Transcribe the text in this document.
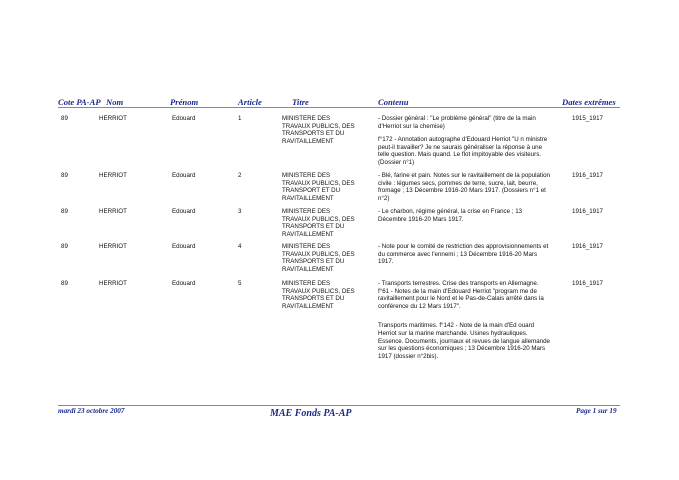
Cote PA-AP Nom	Prénom	Article	Titre	Contenu	Dates extrêmes
89	HERRIOT	Edouard	1	MINISTERE DES
TRAVAUX PUBLICS, DES
TRANSPORTS ET DU
RAVITAILLEMENT

- Dossier général : "Le problème général" (titre de la main d'Herriot sur la chemise)

f°172 - Annotation autographe d'Edouard Herriot "U n ministre peut-il travailler? Je ne saurais généraliser la réponse à une telle question. Mais quand. Le flot impitoyable des visiteurs. (Dossier n°1)

1915_1917
89	HERRIOT	Edouard	2	MINISTERE DES
TRAVAUX PUBLICS, DES
TRANSPORT ET DU
RAVITAILLEMENT

- Blé, farine et pain. Notes sur le ravitaillement de la population civile : légumes secs, pommes de terre, sucre, lait, beurre, fromage ; 13 Décembre 1916-20 Mars 1917. (Dossiers n°1 et n°2)

1916_1917
89	HERRIOT	Edouard	3	MINISTERE DES
TRAVAUX PUBLICS, DES
TRANSPORTS ET DU
RAVITAILLEMENT

- Le charbon, régime général, la crise en France ; 13 Décembre 1916-20 Mars 1917.

1916_1917
89	HERRIOT	Edouard	4	MINISTERE DES
TRAVAUX PUBLICS, DES
TRANSPORTS ET DU
RAVITAILLEMENT

- Note pour le comité de restriction des approvisionnements et du commerce avec l'ennemi ; 13 Décembre 1916-20 Mars 1917.

1916_1917
89	HERRIOT	Edouard	5	MINISTERE DES
TRAVAUX PUBLICS, DES
TRANSPORTS ET DU
RAVITAILLEMENT

- Transports terrestres. Crise des transports en Allemagne. f°61 - Notes de la main d'Edouard Herriot "program me de ravitaillement pour le Nord et le Pas-de-Calais arrêté dans la conférence du 12 Mars 1917".

Transports maritimes. f°142 - Note de la main d'Ed ouard Herriot sur la marine marchande. Usines hydrauliques. Essence. Documents, journaux et revues de langue allemande sur les questions économiques ; 13 Décembre 1916-20 Mars 1917 (dossier n°2bis).

1916_1917
mardi 23 octobre 2007	MAE Fonds PA-AP	Page 1 sur 19
